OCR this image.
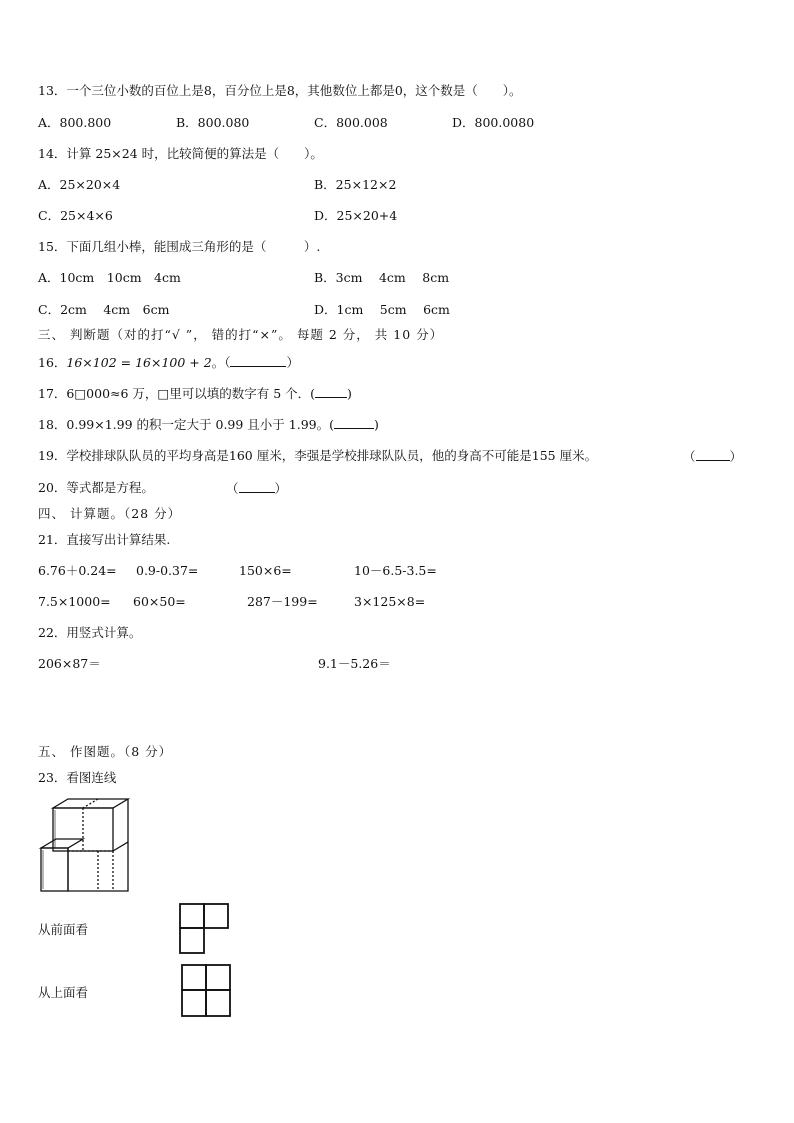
13．一个三位小数的百位上是8，百分位上是8，其他数位上都是0，这个数是（　　）。
A．800.800	B．800.080	C．800.008	D．800.0080
14．计算 25×24 时，比较简便的算法是（　　）。
A．25×20×4	B．25×12×2
C．25×4×6	D．25×20+4
15．下面几组小棒，能围成三角形的是（　　　）.
A．10cm　10cm　4cm	B．3cm　 4cm　 8cm
C．2cm　 4cm　6cm	D．1cm　 5cm　 6cm
三、 判断题（对的打“√ ”， 错的打“×”。 每题 2 分， 共 10 分）
16．16×102 = 16×100 + 2。（	）
17．6□000≈6 万，□里可以填的数字有 5 个．(	)
18．0.99×1.99 的积一定大于 0.99 且小于 1.99。(	)
19．学校排球队队员的平均身高是160 厘米，李强是学校排球队队员，他的身高不可能是155 厘米。	（	）
20．等式都是方程。	（	）
四、 计算题。（28 分）
21．直接写出计算结果.
6.76＋0.24= 0.9-0.37=	150×6=	10－6.5-3.5=
7.5×1000= 60×50=	287－199=	3×125×8=
22．用竖式计算。
206×87＝	9.1－5.26＝
五、 作图题。（8 分）
23．看图连线
从前面看
从上面看
